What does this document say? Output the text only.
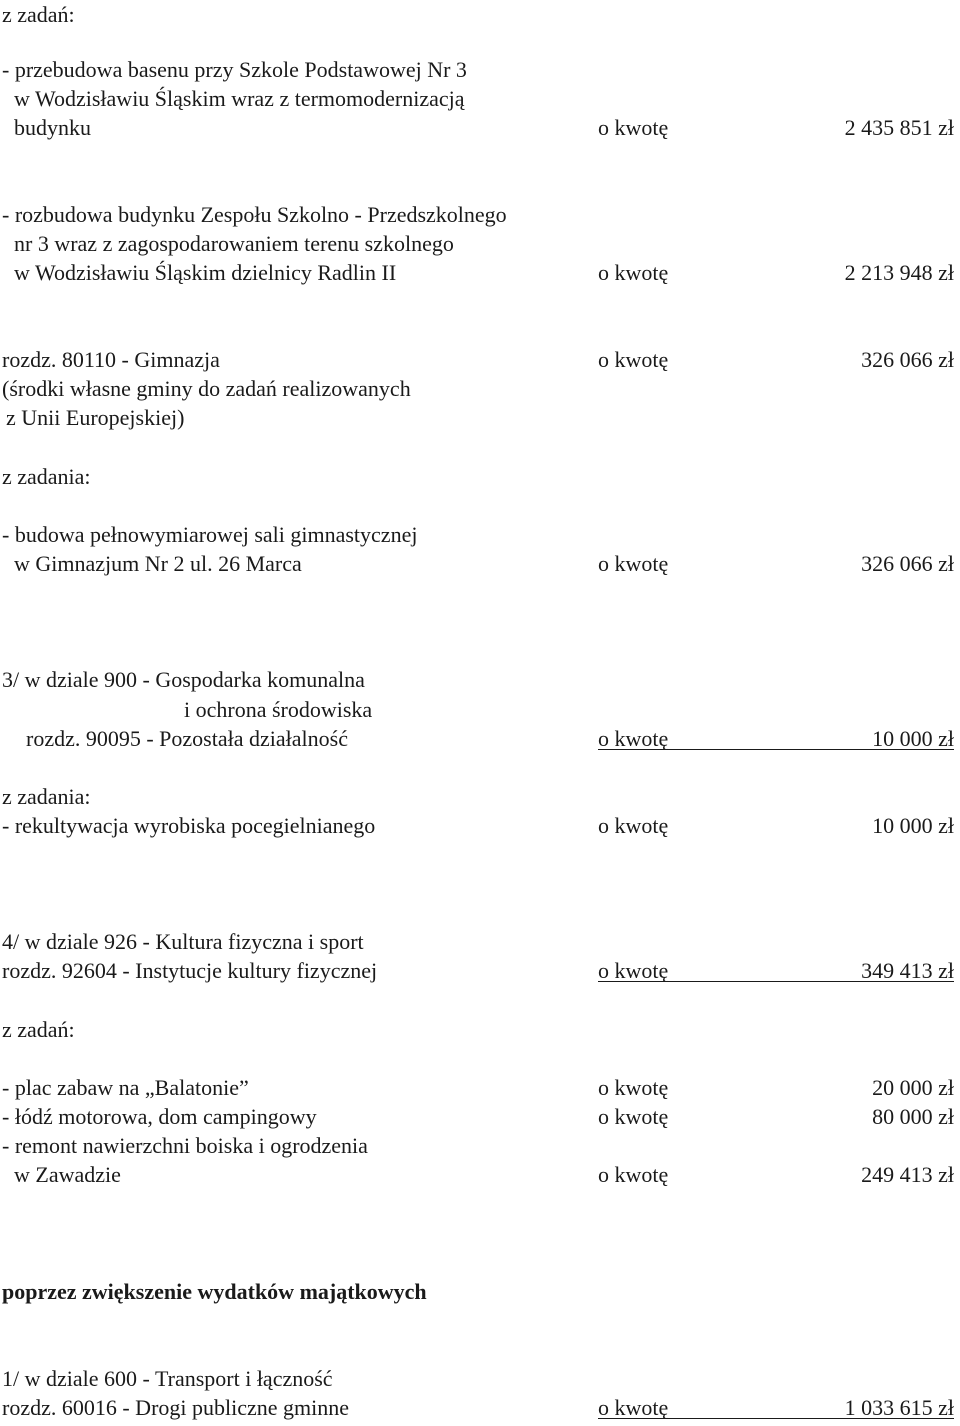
z zadań:
- przebudowa basenu przy Szkole Podstawowej Nr 3
w Wodzisławiu Śląskim wraz z termomodernizacją
budynku	o kwotę	2 435 851 zł
- rozbudowa budynku Zespołu Szkolno - Przedszkolnego
nr 3 wraz z zagospodarowaniem terenu szkolnego
w Wodzisławiu Śląskim dzielnicy Radlin II	o kwotę	2 213 948 zł
rozdz. 80110 - Gimnazja	o kwotę	326 066 zł
(środki własne gminy do zadań realizowanych
z Unii Europejskiej)
z zadania:
- budowa pełnowymiarowej sali gimnastycznej
w Gimnazjum Nr 2 ul. 26 Marca	o kwotę	326 066 zł
3/ w dziale 900 - Gospodarka komunalna
i ochrona środowiska
rozdz. 90095 - Pozostała działalność	o kwotę	10 000 zł
z zadania:
- rekultywacja wyrobiska pocegielnianego	o kwotę	10 000 zł
4/ w dziale 926 - Kultura fizyczna i sport
rozdz. 92604 - Instytucje kultury fizycznej	o kwotę	349 413 zł
z zadań:
- plac zabaw na „Balatonie”	o kwotę	20 000 zł
- łódź motorowa, dom campingowy	o kwotę	80 000 zł
- remont nawierzchni boiska i ogrodzenia
w Zawadzie	o kwotę	249 413 zł
poprzez zwiększenie wydatków majątkowych
1/ w dziale 600 - Transport i łączność
rozdz. 60016 - Drogi publiczne gminne	o kwotę	1 033 615 zł
